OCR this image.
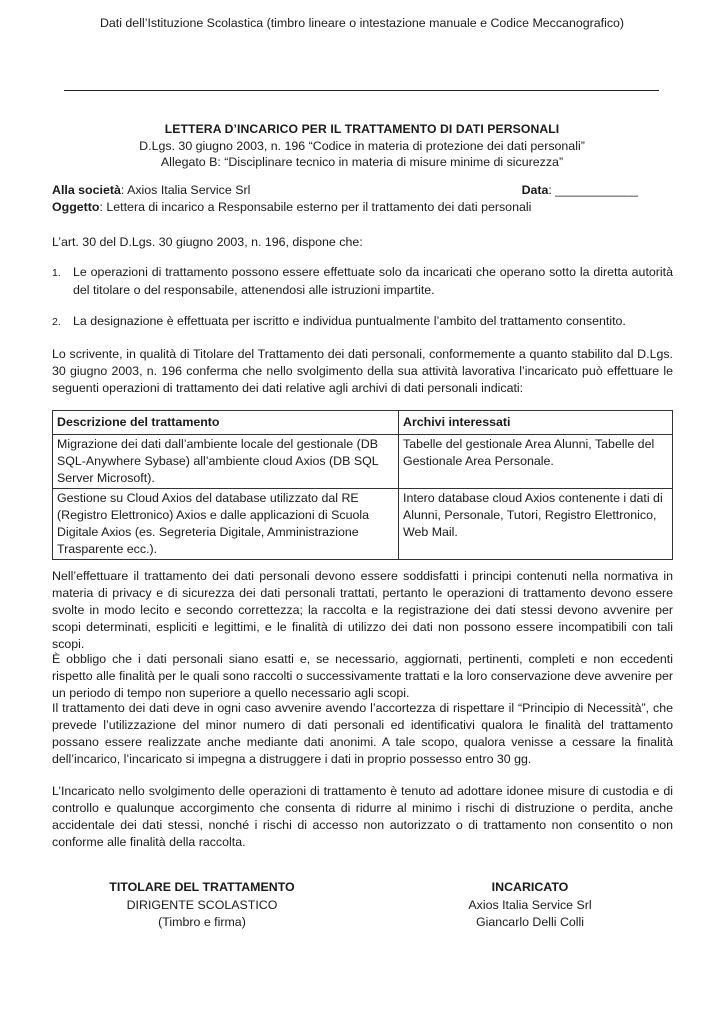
Dati dell’Istituzione Scolastica (timbro lineare o intestazione manuale e Codice Meccanografico)
LETTERA D’INCARICO PER IL TRATTAMENTO DI DATI PERSONALI
D.Lgs. 30 giugno 2003, n. 196 “Codice in materia di protezione dei dati personali”
Allegato B: “Disciplinare tecnico in materia di misure minime di sicurezza”
Alla società: Axios Italia Service Srl	Data: ____________
Oggetto: Lettera di incarico a Responsabile esterno per il trattamento dei dati personali
L’art. 30 del D.Lgs. 30 giugno 2003, n. 196, dispone che:
1. Le operazioni di trattamento possono essere effettuate solo da incaricati che operano sotto la diretta autorità del titolare o del responsabile, attenendosi alle istruzioni impartite.
2. La designazione è effettuata per iscritto e individua puntualmente l’ambito del trattamento consentito.
Lo scrivente, in qualità di Titolare del Trattamento dei dati personali, conformemente a quanto stabilito dal D.Lgs. 30 giugno 2003, n. 196 conferma che nello svolgimento della sua attività lavorativa l’incaricato può effettuare le seguenti operazioni di trattamento dei dati relative agli archivi di dati personali indicati:
Descrizione del trattamento	Archivi interessati
Migrazione dei dati dall’ambiente locale del gestionale (DB SQL-Anywhere Sybase) all’ambiente cloud Axios (DB SQL Server Microsoft).	Tabelle del gestionale Area Alunni, Tabelle del Gestionale Area Personale.
Gestione su Cloud Axios del database utilizzato dal RE (Registro Elettronico) Axios e dalle applicazioni di Scuola Digitale Axios (es. Segreteria Digitale, Amministrazione Trasparente ecc.).	Intero database cloud Axios contenente i dati di Alunni, Personale, Tutori, Registro Elettronico, Web Mail.
Nell’effettuare il trattamento dei dati personali devono essere soddisfatti i principi contenuti nella normativa in materia di privacy e di sicurezza dei dati personali trattati, pertanto le operazioni di trattamento devono essere svolte in modo lecito e secondo correttezza; la raccolta e la registrazione dei dati stessi devono avvenire per scopi determinati, espliciti e legittimi, e le finalità di utilizzo dei dati non possono essere incompatibili con tali scopi.
È obbligo che i dati personali siano esatti e, se necessario, aggiornati, pertinenti, completi e non eccedenti rispetto alle finalità per le quali sono raccolti o successivamente trattati e la loro conservazione deve avvenire per un periodo di tempo non superiore a quello necessario agli scopi.
Il trattamento dei dati deve in ogni caso avvenire avendo l’accortezza di rispettare il “Principio di Necessità”, che prevede l’utilizzazione del minor numero di dati personali ed identificativi qualora le finalità del trattamento possano essere realizzate anche mediante dati anonimi. A tale scopo, qualora venisse a cessare la finalità dell’incarico, l’incaricato si impegna a distruggere i dati in proprio possesso entro 30 gg.
L’Incaricato nello svolgimento delle operazioni di trattamento è tenuto ad adottare idonee misure di custodia e di controllo e qualunque accorgimento che consenta di ridurre al minimo i rischi di distruzione o perdita, anche accidentale dei dati stessi, nonché i rischi di accesso non autorizzato o di trattamento non consentito o non conforme alle finalità della raccolta.
TITOLARE DEL TRATTAMENTO
DIRIGENTE SCOLASTICO
(Timbro e firma)
INCARICATO
Axios Italia Service Srl
Giancarlo Delli Colli
